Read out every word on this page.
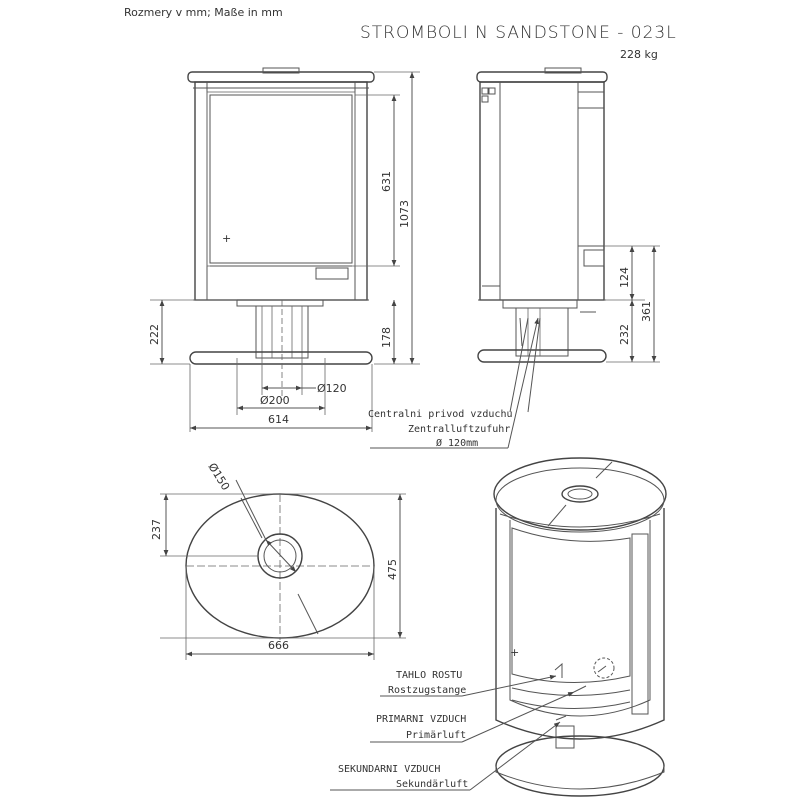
Rozmery v mm; Maße in mm
STROMBOLI N SANDSTONE - 023L
228 kg
+
1073
631
178
222
Ø120
Ø200
614
124
232
361
Centralni privod vzduchu
Zentralluftzufuhr
Ø 120mm
Ø150
237
475
666
+
TAHLO ROSTU
Rostzugstange
PRIMARNI VZDUCH
Primärluft
SEKUNDARNI VZDUCH
Sekundärluft
